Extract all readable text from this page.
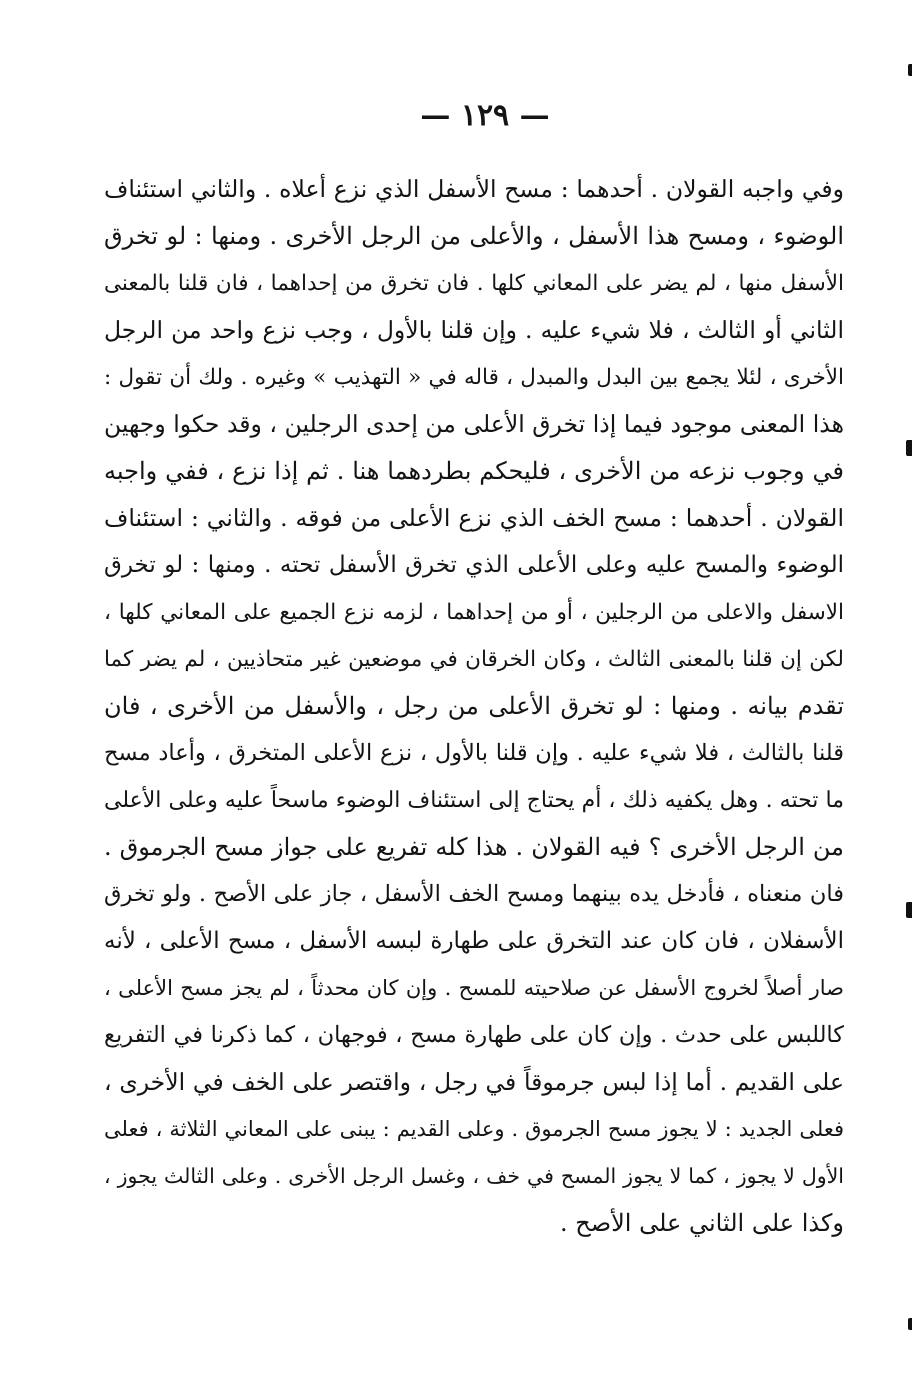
— ١٢٩ —
وفي واجبه القولان . أحدهما : مسح الأسفل الذي نزع أعلاه . والثاني استئناف
الوضوء ، ومسح هذا الأسفل ، والأعلى من الرجل الأخرى . ومنها : لو تخرق
الأسفل منها ، لم يضر على المعاني كلها . فان تخرق من إحداهما ، فان قلنا بالمعنى
الثاني أو الثالث ، فلا شيء عليه . وإن قلنا بالأول ، وجب نزع واحد من الرجل
الأخرى ، لئلا يجمع بين البدل والمبدل ، قاله في « التهذيب » وغيره . ولك أن تقول :
هذا المعنى موجود فيما إذا تخرق الأعلى من إحدى الرجلين ، وقد حكوا وجهين
في وجوب نزعه من الأخرى ، فليحكم بطردهما هنا . ثم إذا نزع ، ففي واجبه
القولان . أحدهما : مسح الخف الذي نزع الأعلى من فوقه . والثاني : استئناف
الوضوء والمسح عليه وعلى الأعلى الذي تخرق الأسفل تحته . ومنها : لو تخرق
الاسفل والاعلى من الرجلين ، أو من إحداهما ، لزمه نزع الجميع على المعاني كلها ،
لكن إن قلنا بالمعنى الثالث ، وكان الخرقان في موضعين غير متحاذيين ، لم يضر كما
تقدم بيانه . ومنها : لو تخرق الأعلى من رجل ، والأسفل من الأخرى ، فان
قلنا بالثالث ، فلا شيء عليه . وإن قلنا بالأول ، نزع الأعلى المتخرق ، وأعاد مسح
ما تحته . وهل يكفيه ذلك ، أم يحتاج إلى استئناف الوضوء ماسحاً عليه وعلى الأعلى
من الرجل الأخرى ؟ فيه القولان . هذا كله تفريع على جواز مسح الجرموق .
فان منعناه ، فأدخل يده بينهما ومسح الخف الأسفل ، جاز على الأصح . ولو تخرق
الأسفلان ، فان كان عند التخرق على طهارة لبسه الأسفل ، مسح الأعلى ، لأنه
صار أصلاً لخروج الأسفل عن صلاحيته للمسح . وإن كان محدثاً ، لم يجز مسح الأعلى ،
كاللبس على حدث . وإن كان على طهارة مسح ، فوجهان ، كما ذكرنا في التفريع
على القديم . أما إذا لبس جرموقاً في رجل ، واقتصر على الخف في الأخرى ،
فعلى الجديد : لا يجوز مسح الجرموق . وعلى القديم : يبنى على المعاني الثلاثة ، فعلى
الأول لا يجوز ، كما لا يجوز المسح في خف ، وغسل الرجل الأخرى . وعلى الثالث يجوز ،
وكذا على الثاني على الأصح .
